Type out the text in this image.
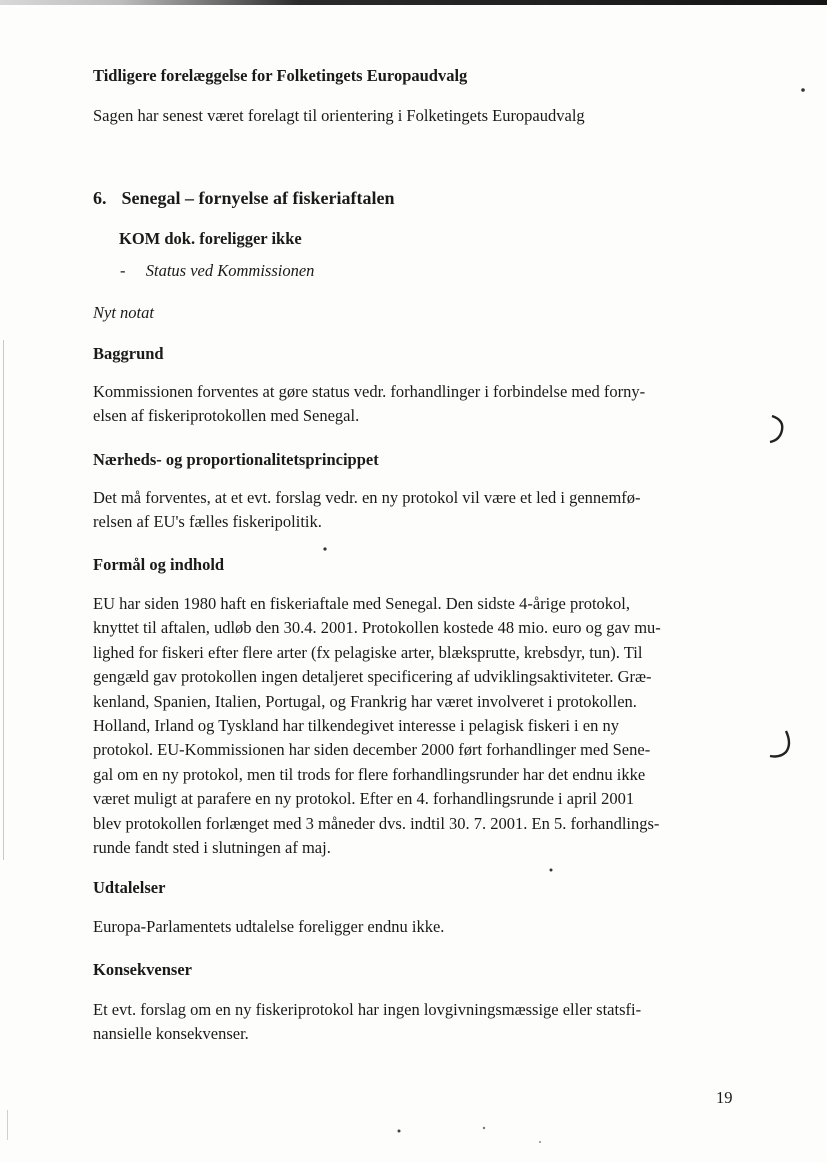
Tidligere forelæggelse for Folketingets Europaudvalg
Sagen har senest været forelagt til orientering i Folketingets Europaudvalg
6. Senegal – fornyelse af fiskeriaftalen
KOM dok. foreligger ikke
- Status ved Kommissionen
Nyt notat
Baggrund
Kommissionen forventes at gøre status vedr. forhandlinger i forbindelse med forny-
elsen af fiskeriprotokollen med Senegal.
Nærheds- og proportionalitetsprincippet
Det må forventes, at et evt. forslag vedr. en ny protokol vil være et led i gennemfø-
relsen af EU's fælles fiskeripolitik.
Formål og indhold
EU har siden 1980 haft en fiskeriaftale med Senegal. Den sidste 4-årige protokol,
knyttet til aftalen, udløb den 30.4. 2001. Protokollen kostede 48 mio. euro og gav mu-
lighed for fiskeri efter flere arter (fx pelagiske arter, blæksprutte, krebsdyr, tun). Til
gengæld gav protokollen ingen detaljeret specificering af udviklingsaktiviteter. Græ-
kenland, Spanien, Italien, Portugal, og Frankrig har været involveret i protokollen.
Holland, Irland og Tyskland har tilkendegivet interesse i pelagisk fiskeri i en ny
protokol. EU-Kommissionen har siden december 2000 ført forhandlinger med Sene-
gal om en ny protokol, men til trods for flere forhandlingsrunder har det endnu ikke
været muligt at parafere en ny protokol. Efter en 4. forhandlingsrunde i april 2001
blev protokollen forlænget med 3 måneder dvs. indtil 30. 7. 2001. En 5. forhandlings-
runde fandt sted i slutningen af maj.
Udtalelser
Europa-Parlamentets udtalelse foreligger endnu ikke.
Konsekvenser
Et evt. forslag om en ny fiskeriprotokol har ingen lovgivningsmæssige eller statsfi-
nansielle konsekvenser.
19
